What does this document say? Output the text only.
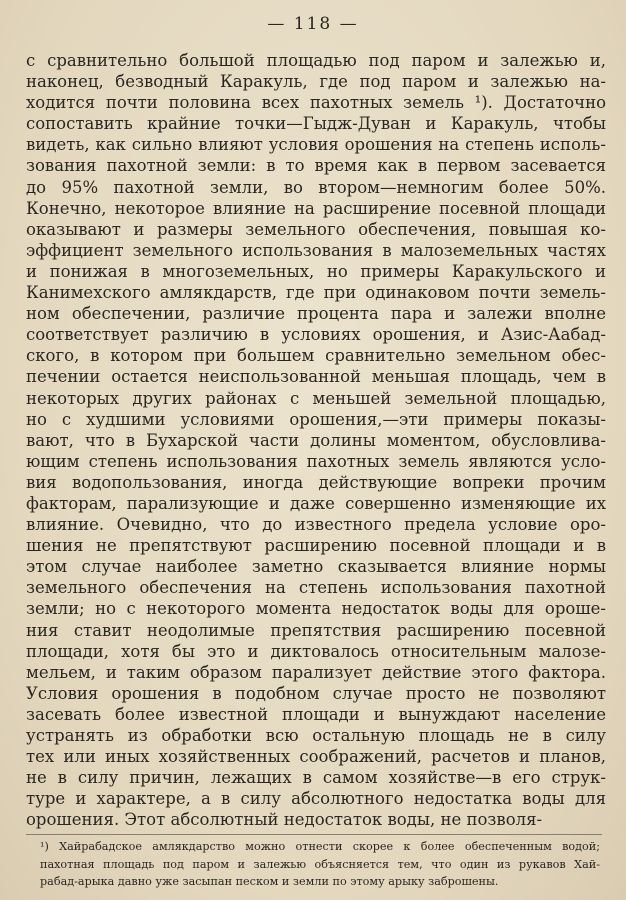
— 118 —
с сравнительно большой площадью под паром и залежью и,
наконец, безводный Каракуль, где под паром и залежью на-
ходится почти половина всех пахотных земель ¹). Достаточно
сопоставить крайние точки—Гыдж-Дуван и Каракуль, чтобы
видеть, как сильно влияют условия орошения на степень исполь-
зования пахотной земли: в то время как в первом засевается
до 95% пахотной земли, во втором—немногим более 50%.
Конечно, некоторое влияние на расширение посевной площади
оказывают и размеры земельного обеспечения, повышая ко-
эффициент земельного использования в малоземельных частях
и понижая в многоземельных, но примеры Каракульского и
Канимехского амлякдарств, где при одинаковом почти земель-
ном обеспечении, различие процента пара и залежи вполне
соответствует различию в условиях орошения, и Азис-Аабад-
ского, в котором при большем сравнительно земельном обес-
печении остается неиспользованной меньшая площадь, чем в
некоторых других районах с меньшей земельной площадью,
но с худшими условиями орошения,—эти примеры показы-
вают, что в Бухарской части долины моментом, обусловлива-
ющим степень использования пахотных земель являются усло-
вия водопользования, иногда действующие вопреки прочим
факторам, парализующие и даже совершенно изменяющие их
влияние. Очевидно, что до известного предела условие оро-
шения не препятствуют расширению посевной площади и в
этом случае наиболее заметно сказывается влияние нормы
земельного обеспечения на степень использования пахотной
земли; но с некоторого момента недостаток воды для ороше-
ния ставит неодолимые препятствия расширению посевной
площади, хотя бы это и диктовалось относительным малозе-
мельем, и таким образом парализует действие этого фактора.
Условия орошения в подобном случае просто не позволяют
засевать более известной площади и вынуждают население
устранять из обработки всю остальную площадь не в силу
тех или иных хозяйственных соображений, расчетов и планов,
не в силу причин, лежащих в самом хозяйстве—в его струк-
туре и характере, а в силу абсолютного недостатка воды для
орошения. Этот абсолютный недостаток воды, не позволя-
¹) Хайрабадское амлякдарство можно отнести скорее к более обеспеченным водой;
пахотная площадь под паром и залежью объясняется тем, что один из рукавов Хай-
рабад-арыка давно уже засыпан песком и земли по этому арыку заброшены.
